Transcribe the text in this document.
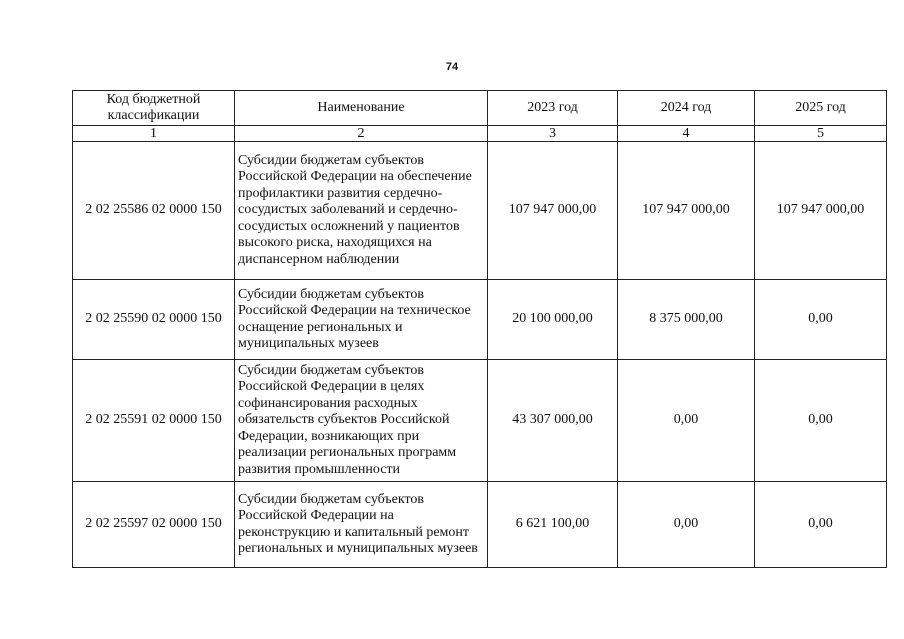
74
Код бюджетной классификации	Наименование	2023 год	2024 год	2025 год
1	2	3	4	5
2 02 25586 02 0000 150	Субсидии бюджетам субъектов Российской Федерации на обеспечение профилактики развития сердечно-сосудистых заболеваний и сердечно-сосудистых осложнений у пациентов высокого риска, находящихся на диспансерном наблюдении	107 947 000,00	107 947 000,00	107 947 000,00
2 02 25590 02 0000 150	Субсидии бюджетам субъектов Российской Федерации на техническое оснащение региональных и муниципальных музеев	20 100 000,00	8 375 000,00	0,00
2 02 25591 02 0000 150	Субсидии бюджетам субъектов Российской Федерации в целях софинансирования расходных обязательств субъектов Российской Федерации, возникающих при реализации региональных программ развития промышленности	43 307 000,00	0,00	0,00
2 02 25597 02 0000 150	Субсидии бюджетам субъектов Российской Федерации на реконструкцию и капитальный ремонт региональных и муниципальных музеев	6 621 100,00	0,00	0,00
